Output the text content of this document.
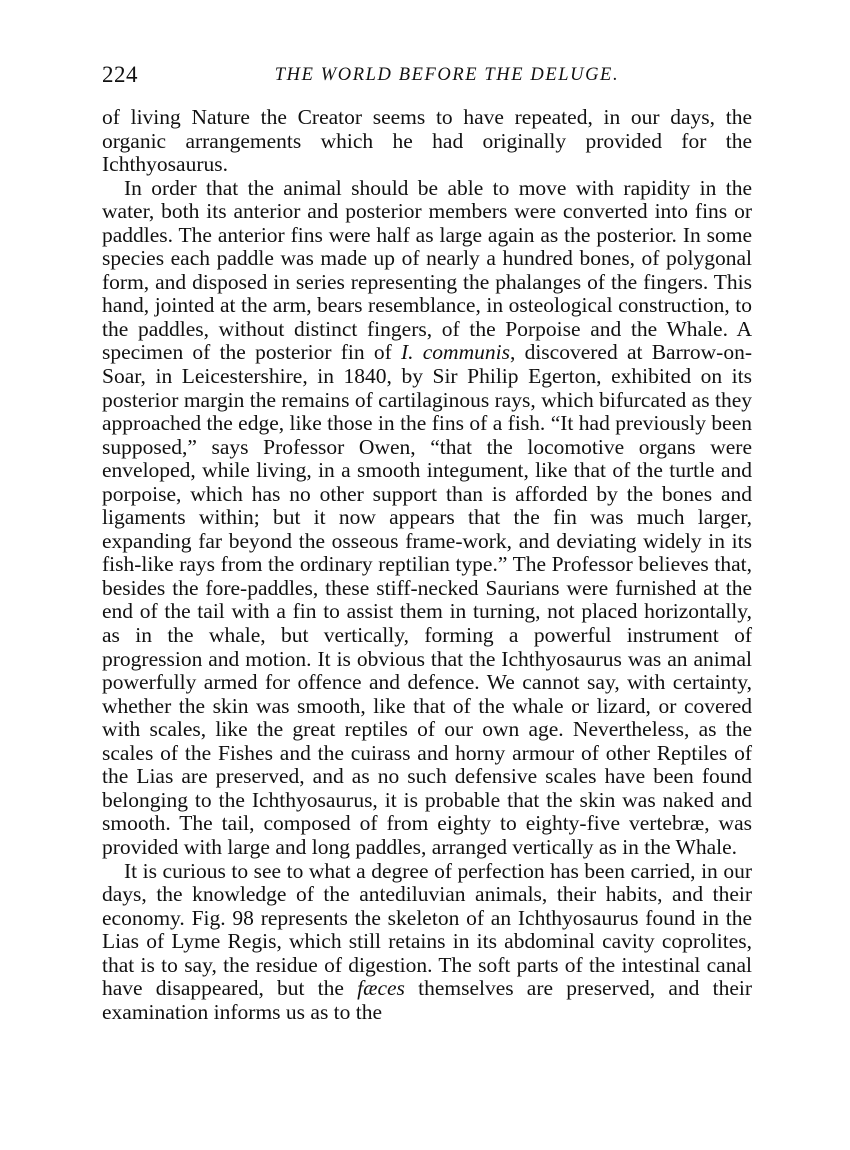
224	THE WORLD BEFORE THE DELUGE.

of living Nature the Creator seems to have repeated, in our days, the organic arrangements which he had originally provided for the Ichthyosaurus.

In order that the animal should be able to move with rapidity in the water, both its anterior and posterior members were converted into fins or paddles. The anterior fins were half as large again as the posterior. In some species each paddle was made up of nearly a hundred bones, of polygonal form, and disposed in series representing the phalanges of the fingers. This hand, jointed at the arm, bears resemblance, in osteological construction, to the paddles, without distinct fingers, of the Porpoise and the Whale. A specimen of the posterior fin of I. communis, discovered at Barrow-on-Soar, in Leicestershire, in 1840, by Sir Philip Egerton, exhibited on its posterior margin the remains of cartilaginous rays, which bifurcated as they approached the edge, like those in the fins of a fish. “It had previously been supposed,” says Professor Owen, “that the locomotive organs were enveloped, while living, in a smooth integument, like that of the turtle and porpoise, which has no other support than is afforded by the bones and ligaments within; but it now appears that the fin was much larger, expanding far beyond the osseous frame-work, and deviating widely in its fish-like rays from the ordinary reptilian type.” The Professor believes that, besides the fore-paddles, these stiff-necked Saurians were furnished at the end of the tail with a fin to assist them in turning, not placed horizontally, as in the whale, but vertically, forming a powerful instrument of progression and motion. It is obvious that the Ichthyosaurus was an animal powerfully armed for offence and defence. We cannot say, with certainty, whether the skin was smooth, like that of the whale or lizard, or covered with scales, like the great reptiles of our own age. Nevertheless, as the scales of the Fishes and the cuirass and horny armour of other Reptiles of the Lias are preserved, and as no such defensive scales have been found belonging to the Ichthyosaurus, it is probable that the skin was naked and smooth. The tail, composed of from eighty to eighty-five vertebræ, was provided with large and long paddles, arranged vertically as in the Whale.

It is curious to see to what a degree of perfection has been carried, in our days, the knowledge of the antediluvian animals, their habits, and their economy. Fig. 98 represents the skeleton of an Ichthyosaurus found in the Lias of Lyme Regis, which still retains in its abdominal cavity coprolites, that is to say, the residue of digestion. The soft parts of the intestinal canal have disappeared, but the fæces themselves are preserved, and their examination informs us as to the
